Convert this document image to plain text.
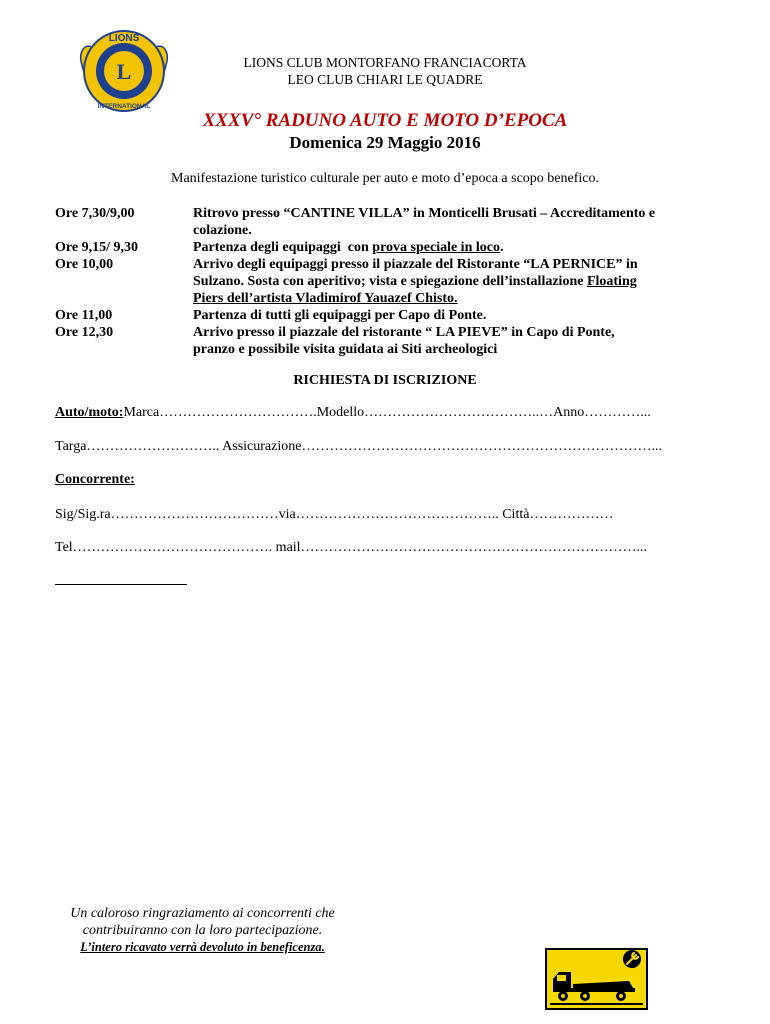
L
LIONS
INTERNATIONAL
LIONS CLUB MONTORFANO FRANCIACORTA
LEO CLUB CHIARI LE QUADRE
XXXV° RADUNO AUTO E MOTO D’EPOCA
Domenica 29 Maggio 2016
Manifestazione turistico culturale per auto e moto d’epoca a scopo benefico.
Ore 7,30/9,00	Ritrovo presso “CANTINE VILLA” in Monticelli Brusati – Accreditamento e
colazione.
Ore 9,15/ 9,30	Partenza degli equipaggi  con prova speciale in loco.
Ore 10,00	Arrivo degli equipaggi presso il piazzale del Ristorante “LA PERNICE” in
Sulzano. Sosta con aperitivo; vista e spiegazione dell’installazione Floating
Piers dell’artista Vladimirof Yauazef Chisto.
Ore 11,00	Partenza di tutti gli equipaggi per Capo di Ponte.
Ore 12,30	Arrivo presso il piazzale del ristorante “ LA PIEVE” in Capo di Ponte,
pranzo e possibile visita guidata ai Siti archeologici
RICHIESTA DI ISCRIZIONE
Auto/moto:Marca…………………………….Modello………………………………..…Anno…………...
Targa……………………….. Assicurazione…………………………………………………………………...
Concorrente:
Sig/Sig.ra………………………………via…………………………………….. Città………………
Tel……………………………………. mail………………………………………………………………...
Un caloroso ringraziamento ai concorrenti che
contribuiranno con la loro partecipazione.
L’intero ricavato verrà devoluto in beneficenza.
